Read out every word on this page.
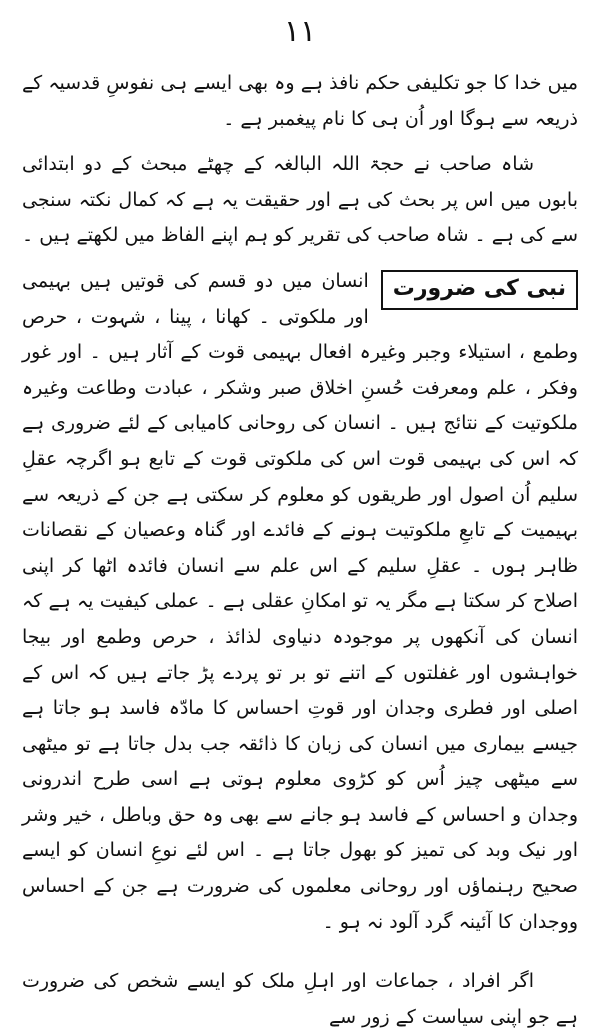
١١

میں خدا کا جو تکلیفی حکم نافذ ہے وہ بھی ایسے ہی نفوسِ قدسیہ کے ذریعہ سے ہوگا اور اُن ہی کا نام پیغمبر ہے ۔

شاہ صاحب نے حجۃ اللہ البالغہ کے چھٹے مبحث کے دو ابتدائی بابوں میں اس پر بحث کی ہے اور حقیقت یہ ہے کہ کمال نکتہ سنجی سے کی ہے ۔ شاہ صاحب کی تقریر کو ہم اپنے الفاظ میں لکھتے ہیں ۔

نبی کی ضرورت
انسان میں دو قسم کی قوتیں ہیں بہیمی اور ملکوتی ۔ کھانا ، پینا ، شہوت ، حرص وطمع ، استیلاء وجبر وغیرہ افعال بہیمی قوت کے آثار ہیں ۔ اور غور وفکر ، علم ومعرفت حُسنِ اخلاق صبر وشکر ، عبادت وطاعت وغیرہ ملکوتیت کے نتائج ہیں ۔ انسان کی روحانی کامیابی کے لئے ضروری ہے کہ اس کی بہیمی قوت اس کی ملکوتی قوت کے تابع ہو اگرچہ عقلِ سلیم اُن اصول اور طریقوں کو معلوم کر سکتی ہے جن کے ذریعہ سے بہیمیت کے تابعِ ملکوتیت ہونے کے فائدے اور گناہ وعصیان کے نقصانات ظاہر ہوں ۔ عقلِ سلیم کے اس علم سے انسان فائدہ اٹھا کر اپنی اصلاح کر سکتا ہے مگر یہ تو امکانِ عقلی ہے ۔ عملی کیفیت یہ ہے کہ انسان کی آنکھوں پر موجودہ دنیاوی لذائذ ، حرص وطمع اور بیجا خواہشوں اور غفلتوں کے اتنے تو بر تو پردے پڑ جاتے ہیں کہ اس کے اصلی اور فطری وجدان اور قوتِ احساس کا مادّہ فاسد ہو جاتا ہے جیسے بیماری میں انسان کی زبان کا ذائقہ جب بدل جاتا ہے تو میٹھی سے میٹھی چیز اُس کو کڑوی معلوم ہوتی ہے اسی طرح اندرونی وجدان و احساس کے فاسد ہو جانے سے بھی وہ حق وباطل ، خیر وشر اور نیک وبد کی تمیز کو بھول جاتا ہے ۔ اس لئے نوعِ انسان کو ایسے صحیح رہنماؤں اور روحانی معلموں کی ضرورت ہے جن کے احساس ووجدان کا آئینہ گرد آلود نہ ہو ۔

اگر افراد ، جماعات اور اہلِ ملک کو ایسے شخص کی ضرورت ہے جو اپنی سیاست کے زور سے
